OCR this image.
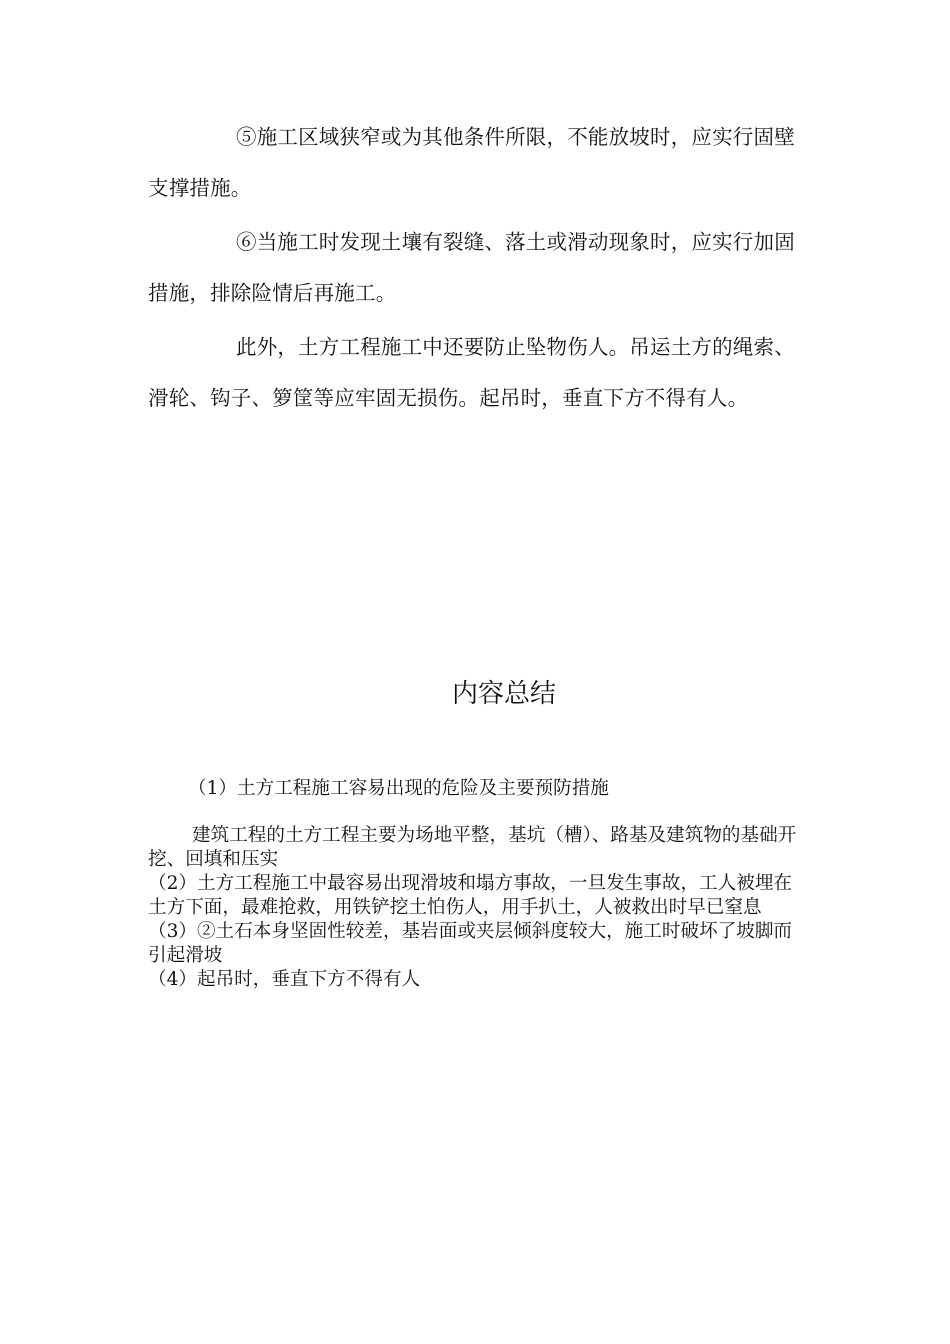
⑤施工区域狭窄或为其他条件所限，不能放坡时，应实行固壁支撑措施。

⑥当施工时发现土壤有裂缝、落土或滑动现象时，应实行加固措施，排除险情后再施工。

此外，土方工程施工中还要防止坠物伤人。吊运土方的绳索、滑轮、钩子、箩筐等应牢固无损伤。起吊时，垂直下方不得有人。

内容总结

（1）土方工程施工容易出现的危险及主要预防措施

建筑工程的土方工程主要为场地平整，基坑（槽）、路基及建筑物的基础开挖、回填和压实

（2）土方工程施工中最容易出现滑坡和塌方事故，一旦发生事故，工人被埋在土方下面，最难抢救，用铁铲挖土怕伤人，用手扒土，人被救出时早已窒息

（3）②土石本身坚固性较差，基岩面或夹层倾斜度较大，施工时破坏了坡脚而引起滑坡

（4）起吊时，垂直下方不得有人
